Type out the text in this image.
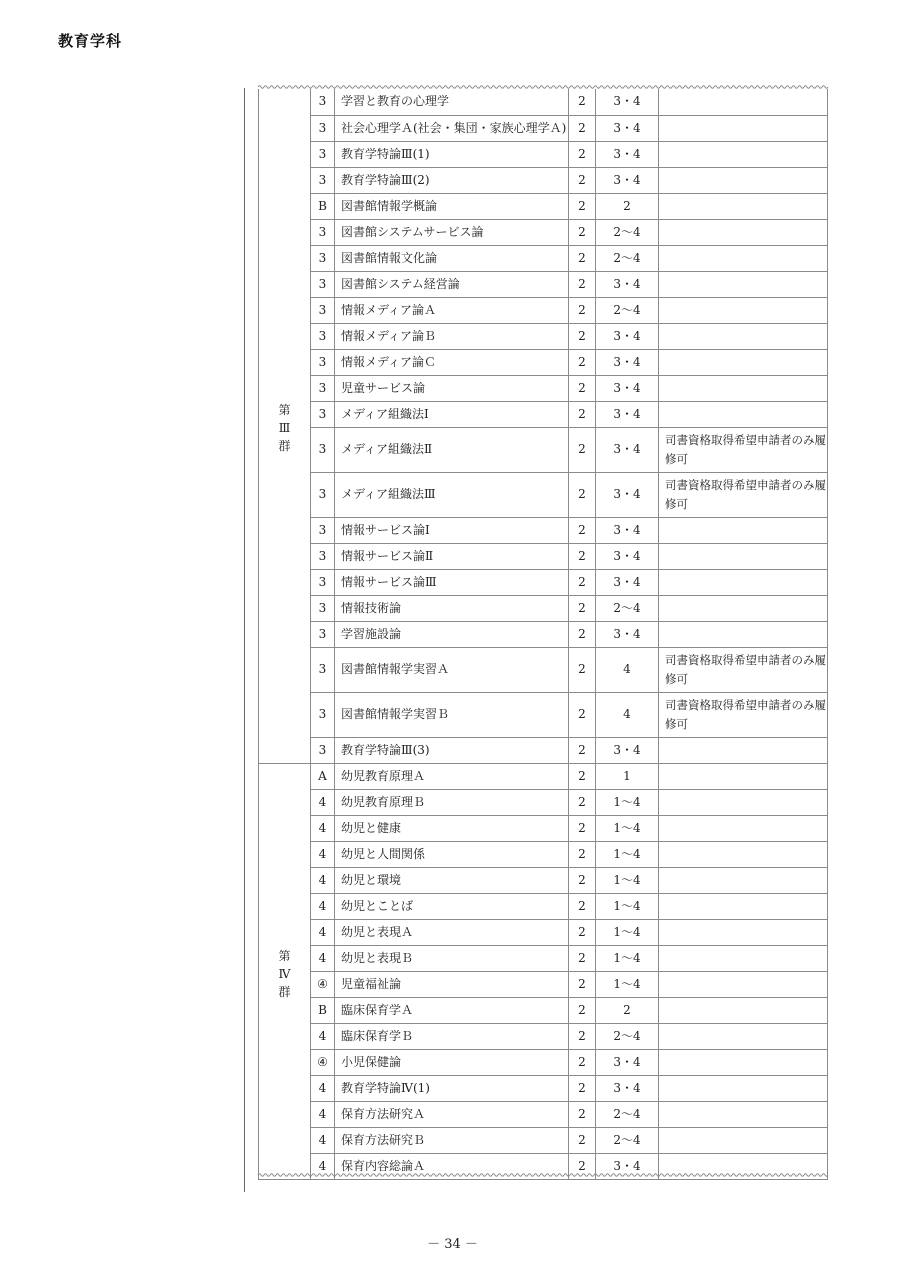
教育学科
第
Ⅲ
群	3	学習と教育の心理学	2	3・4	
	3	社会心理学Ａ(社会・集団・家族心理学Ａ)	2	3・4	
	3	教育学特論Ⅲ(1)	2	3・4	
	3	教育学特論Ⅲ(2)	2	3・4	
	B	図書館情報学概論	2	2	
	3	図書館システムサービス論	2	2～4	
	3	図書館情報文化論	2	2～4	
	3	図書館システム経営論	2	3・4	
	3	情報メディア論Ａ	2	2～4	
	3	情報メディア論Ｂ	2	3・4	
	3	情報メディア論Ｃ	2	3・4	
	3	児童サービス論	2	3・4	
	3	メディア組織法Ⅰ	2	3・4	
	3	メディア組織法Ⅱ	2	3・4	司書資格取得希望申請者のみ履修可
	3	メディア組織法Ⅲ	2	3・4	司書資格取得希望申請者のみ履修可
	3	情報サービス論Ⅰ	2	3・4	
	3	情報サービス論Ⅱ	2	3・4	
	3	情報サービス論Ⅲ	2	3・4	
	3	情報技術論	2	2～4	
	3	学習施設論	2	3・4	
	3	図書館情報学実習Ａ	2	4	司書資格取得希望申請者のみ履修可
	3	図書館情報学実習Ｂ	2	4	司書資格取得希望申請者のみ履修可
	3	教育学特論Ⅲ(3)	2	3・4	

第
Ⅳ
群	A	幼児教育原理Ａ	2	1	
	4	幼児教育原理Ｂ	2	1～4	
	4	幼児と健康	2	1～4	
	4	幼児と人間関係	2	1～4	
	4	幼児と環境	2	1～4	
	4	幼児とことば	2	1～4	
	4	幼児と表現Ａ	2	1～4	
	4	幼児と表現Ｂ	2	1～4	
	④	児童福祉論	2	1～4	
	B	臨床保育学Ａ	2	2	
	4	臨床保育学Ｂ	2	2～4	
	④	小児保健論	2	3・4	
	4	教育学特論Ⅳ(1)	2	3・4	
	4	保育方法研究Ａ	2	2～4	
	4	保育方法研究Ｂ	2	2～4	
	4	保育内容総論Ａ	2	3・4	
－ 34 －
